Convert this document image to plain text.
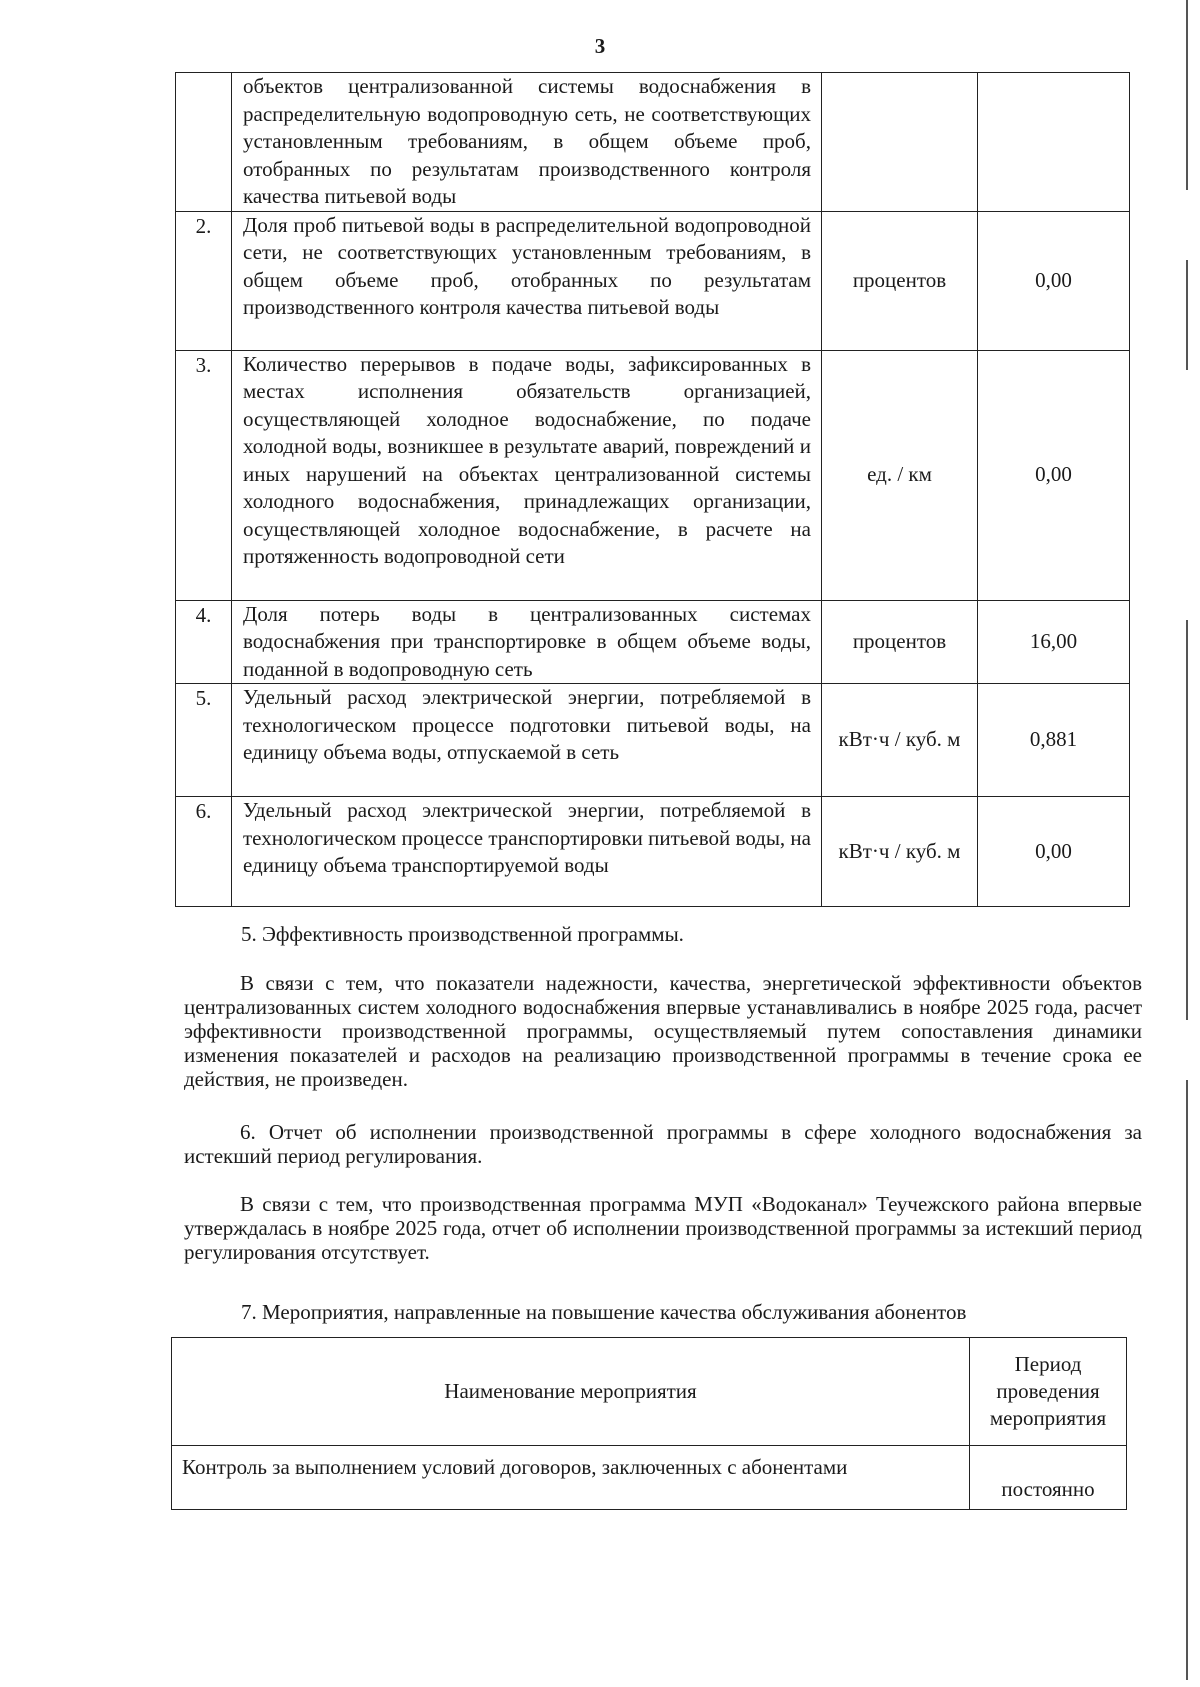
3
	объектов централизованной системы водоснабжения в распределительную водопроводную сеть, не соответствующих установленным требованиям, в общем объеме проб, отобранных по результатам производственного контроля качества питьевой воды		
2.	Доля проб питьевой воды в распределительной водопроводной сети, не соответствующих установленным требованиям, в общем объеме проб, отобранных по результатам производственного контроля качества питьевой воды	процентов	0,00
3.	Количество перерывов в подаче воды, зафиксированных в местах исполнения обязательств организацией, осуществляющей холодное водоснабжение, по подаче холодной воды, возникшее в результате аварий, повреждений и иных нарушений на объектах централизованной системы холодного водоснабжения, принадлежащих организации, осуществляющей холодное водоснабжение, в расчете на протяженность водопроводной сети	ед. / км	0,00
4.	Доля потерь воды в централизованных системах водоснабжения при транспортировке в общем объеме воды, поданной в водопроводную сеть	процентов	16,00
5.	Удельный расход электрической энергии, потребляемой в технологическом процессе подготовки питьевой воды, на единицу объема воды, отпускаемой в сеть	кВт·ч / куб. м	0,881
6.	Удельный расход электрической энергии, потребляемой в технологическом процессе транспортировки питьевой воды, на единицу объема транспортируемой воды	кВт·ч / куб. м	0,00

5. Эффективность производственной программы.

В связи с тем, что показатели надежности, качества, энергетической эффективности объектов централизованных систем холодного водоснабжения впервые устанавливались в ноябре 2025 года, расчет эффективности производственной программы, осуществляемый путем сопоставления динамики изменения показателей и расходов на реализацию производственной программы в течение срока ее действия, не произведен.

6. Отчет об исполнении производственной программы в сфере холодного водоснабжения за истекший период регулирования.

В связи с тем, что производственная программа МУП «Водоканал» Теучежского района впервые утверждалась в ноябре 2025 года, отчет об исполнении производственной программы за истекший период регулирования отсутствует.

7. Мероприятия, направленные на повышение качества обслуживания абонентов

Наименование мероприятия	Период проведения мероприятия
Контроль за выполнением условий договоров, заключенных с абонентами	постоянно
